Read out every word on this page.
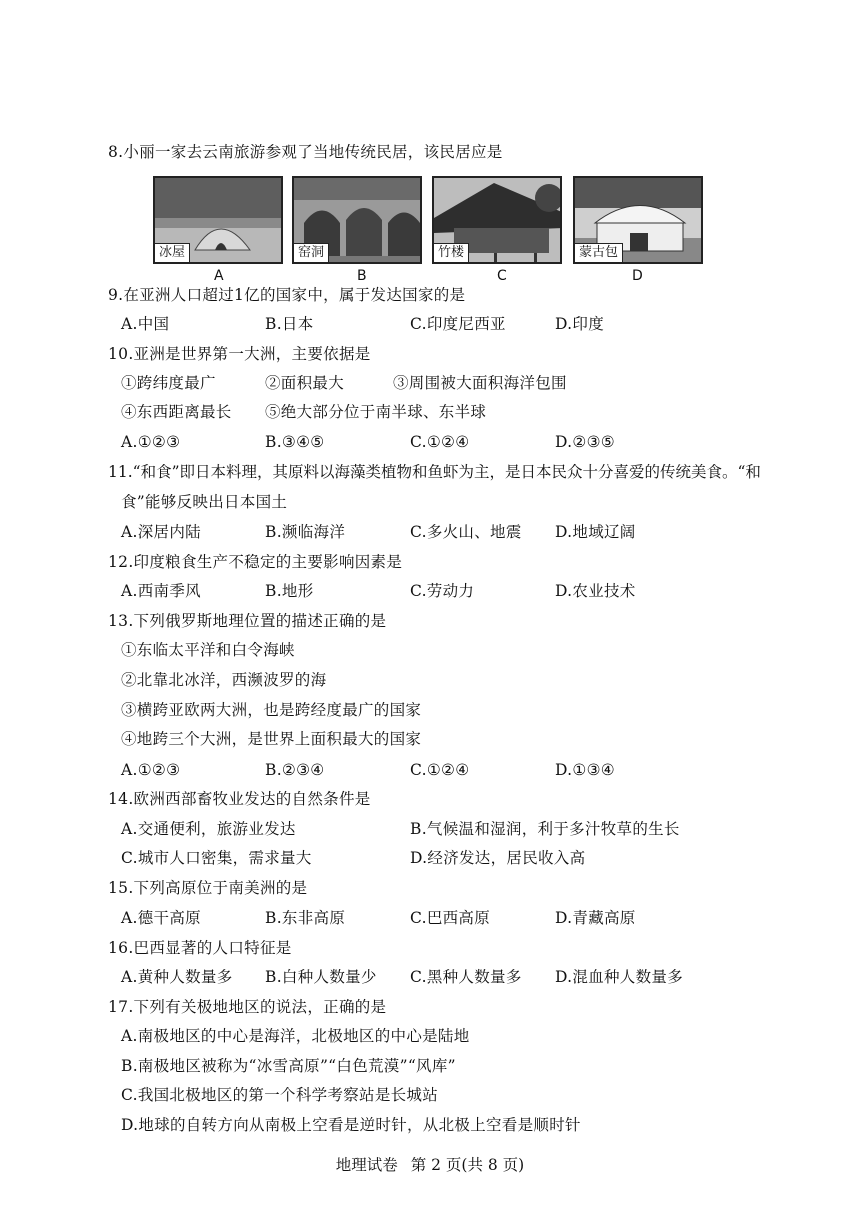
8.小丽一家去云南旅游参观了当地传统民居，该民居应是
冰屋	窑洞	竹楼	蒙古包
A	B	C	D
9.在亚洲人口超过1亿的国家中，属于发达国家的是
A.中国	B.日本	C.印度尼西亚	D.印度
10.亚洲是世界第一大洲，主要依据是
①跨纬度最广	②面积最大	③周围被大面积海洋包围
④东西距离最长 ⑤绝大部分位于南半球、东半球
A.①②③	B.③④⑤	C.①②④	D.②③⑤
11.“和食”即日本料理，其原料以海藻类植物和鱼虾为主，是日本民众十分喜爱的传统美食。“和
食”能够反映出日本国土
A.深居内陆	B.濒临海洋	C.多火山、地震 D.地域辽阔
12.印度粮食生产不稳定的主要影响因素是
A.西南季风	B.地形	C.劳动力	D.农业技术
13.下列俄罗斯地理位置的描述正确的是
①东临太平洋和白令海峡
②北靠北冰洋，西濒波罗的海
③横跨亚欧两大洲，也是跨经度最广的国家
④地跨三个大洲，是世界上面积最大的国家
A.①②③	B.②③④	C.①②④	D.①③④
14.欧洲西部畜牧业发达的自然条件是
A.交通便利，旅游业发达	B.气候温和湿润，利于多汁牧草的生长
C.城市人口密集，需求量大	D.经济发达，居民收入高
15.下列高原位于南美洲的是
A.德干高原	B.东非高原	C.巴西高原	D.青藏高原
16.巴西显著的人口特征是
A.黄种人数量多 B.白种人数量少 C.黑种人数量多 D.混血种人数量多
17.下列有关极地地区的说法，正确的是
A.南极地区的中心是海洋，北极地区的中心是陆地
B.南极地区被称为“冰雪高原”“白色荒漠”“风库”
C.我国北极地区的第一个科学考察站是长城站
D.地球的自转方向从南极上空看是逆时针，从北极上空看是顺时针
地理试卷 第 2 页(共 8 页)
